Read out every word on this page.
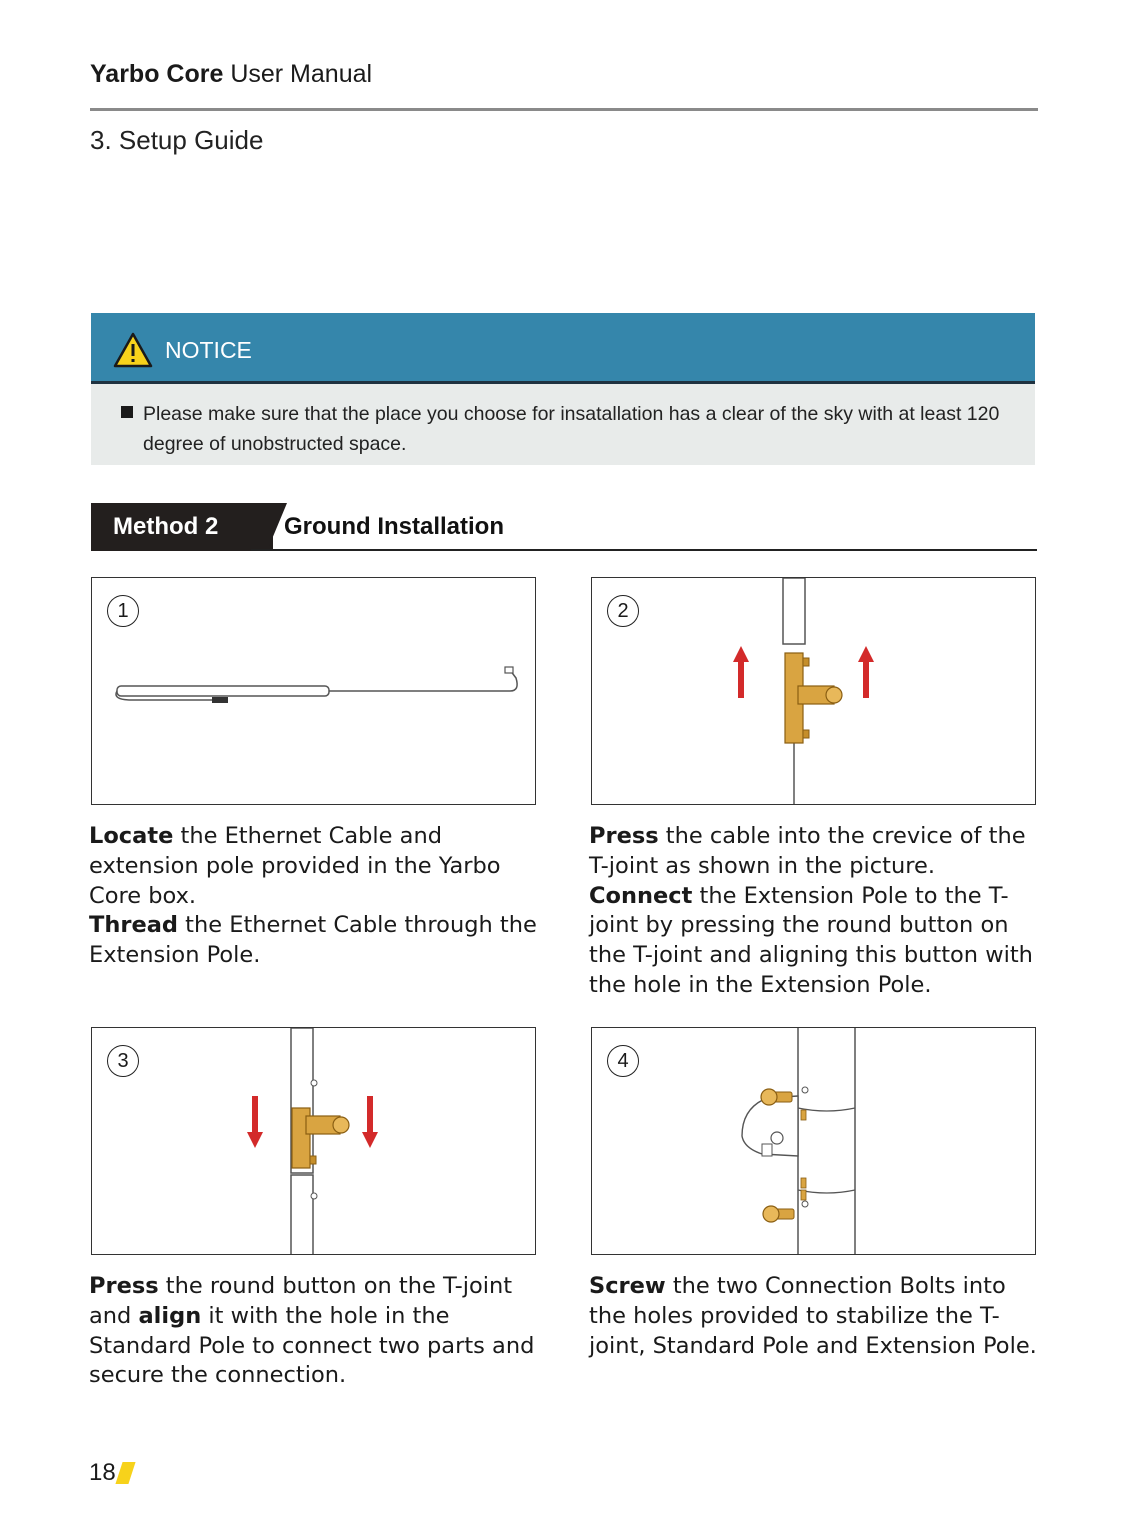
Yarbo Core User Manual
3. Setup Guide
NOTICE
Please make sure that the place you choose for insatallation has a clear of the sky with at least 120 degree of unobstructed space.
Method 2	Ground Installation
1
Locate the Ethernet Cable and extension pole provided in the Yarbo Core box.
Thread the Ethernet Cable through the Extension Pole.
2
Press the cable into the crevice of the T-joint as shown in the picture.
Connect the Extension Pole to the T-joint by pressing the round button on the T-joint and aligning this button with the hole in the Extension Pole.
3
Press the round button on the T-joint and align it with the hole in the Standard Pole to connect two parts and secure the connection.
4
Screw the two Connection Bolts into the holes provided to stabilize the T-joint, Standard Pole and Extension Pole.
18
